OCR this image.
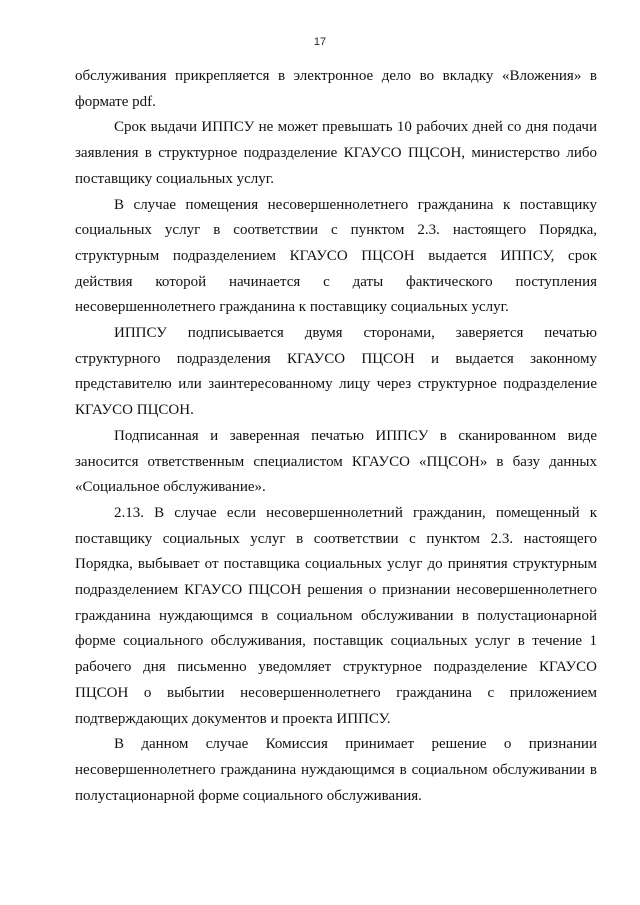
17

обслуживания прикрепляется в электронное дело во вкладку «Вложения» в формате pdf.

Срок выдачи ИППСУ не может превышать 10 рабочих дней со дня подачи заявления в структурное подразделение КГАУСО ПЦСОН, министерство либо поставщику социальных услуг.

В случае помещения несовершеннолетнего гражданина к поставщику социальных услуг в соответствии с пунктом 2.3. настоящего Порядка, структурным подразделением КГАУСО ПЦСОН выдается ИППСУ, срок действия которой начинается с даты фактического поступления несовершеннолетнего гражданина к поставщику социальных услуг.

ИППСУ подписывается двумя сторонами, заверяется печатью структурного подразделения КГАУСО ПЦСОН и выдается законному представителю или заинтересованному лицу через структурное подразделение КГАУСО ПЦСОН.

Подписанная и заверенная печатью ИППСУ в сканированном виде заносится ответственным специалистом КГАУСО «ПЦСОН» в базу данных «Социальное обслуживание».

2.13. В случае если несовершеннолетний гражданин, помещенный к поставщику социальных услуг в соответствии с пунктом 2.3. настоящего Порядка, выбывает от поставщика социальных услуг до принятия структурным подразделением КГАУСО ПЦСОН решения о признании несовершеннолетнего гражданина нуждающимся в социальном обслуживании в полустационарной форме социального обслуживания, поставщик социальных услуг в течение 1 рабочего дня письменно уведомляет структурное подразделение КГАУСО ПЦСОН о выбытии несовершеннолетнего гражданина с приложением подтверждающих документов и проекта ИППСУ.

В данном случае Комиссия принимает решение о признании несовершеннолетнего гражданина нуждающимся в социальном обслуживании в полустационарной форме социального обслуживания.
